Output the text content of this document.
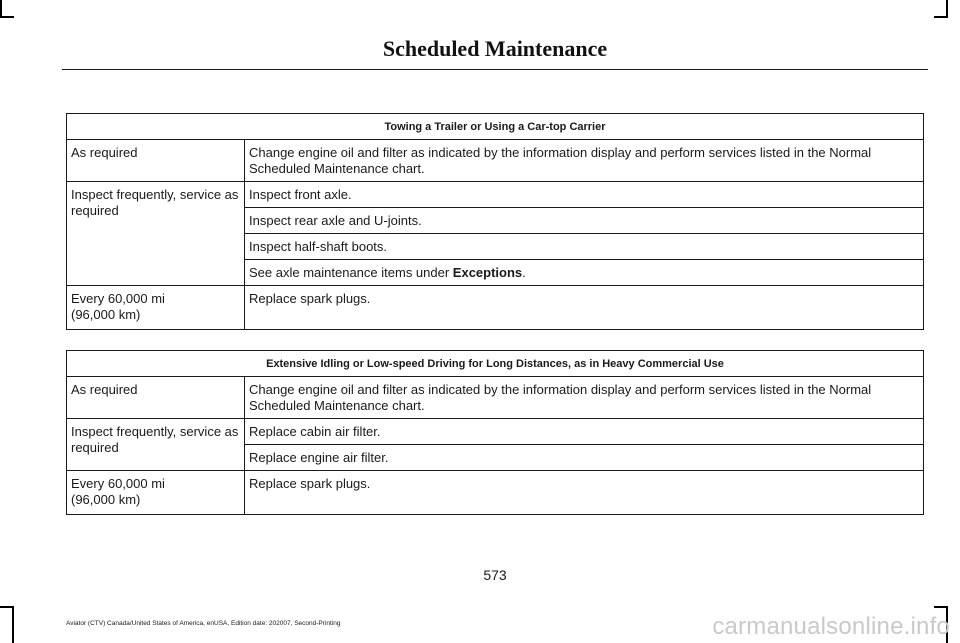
Scheduled Maintenance
Towing a Trailer or Using a Car-top Carrier	
As required	Change engine oil and filter as indicated by the information display and perform services listed in the Normal Scheduled Maintenance chart.
Inspect frequently, service as required	Inspect front axle.
	Inspect rear axle and U-joints.
	Inspect half-shaft boots.
	See axle maintenance items under Exceptions.

Every 60,000 mi
(96,000 km)	Replace spark plugs.
Extensive Idling or Low-speed Driving for Long Distances, as in Heavy Commercial Use	
As required	Change engine oil and filter as indicated by the information display and perform services listed in the Normal Scheduled Maintenance chart.
Inspect frequently, service as required	Replace cabin air filter.
	Replace engine air filter.

Every 60,000 mi
(96,000 km)	Replace spark plugs.
573
Aviator (CTV) Canada/United States of America, enUSA, Edition date: 202007, Second-Printing	carmanualsonline.info
